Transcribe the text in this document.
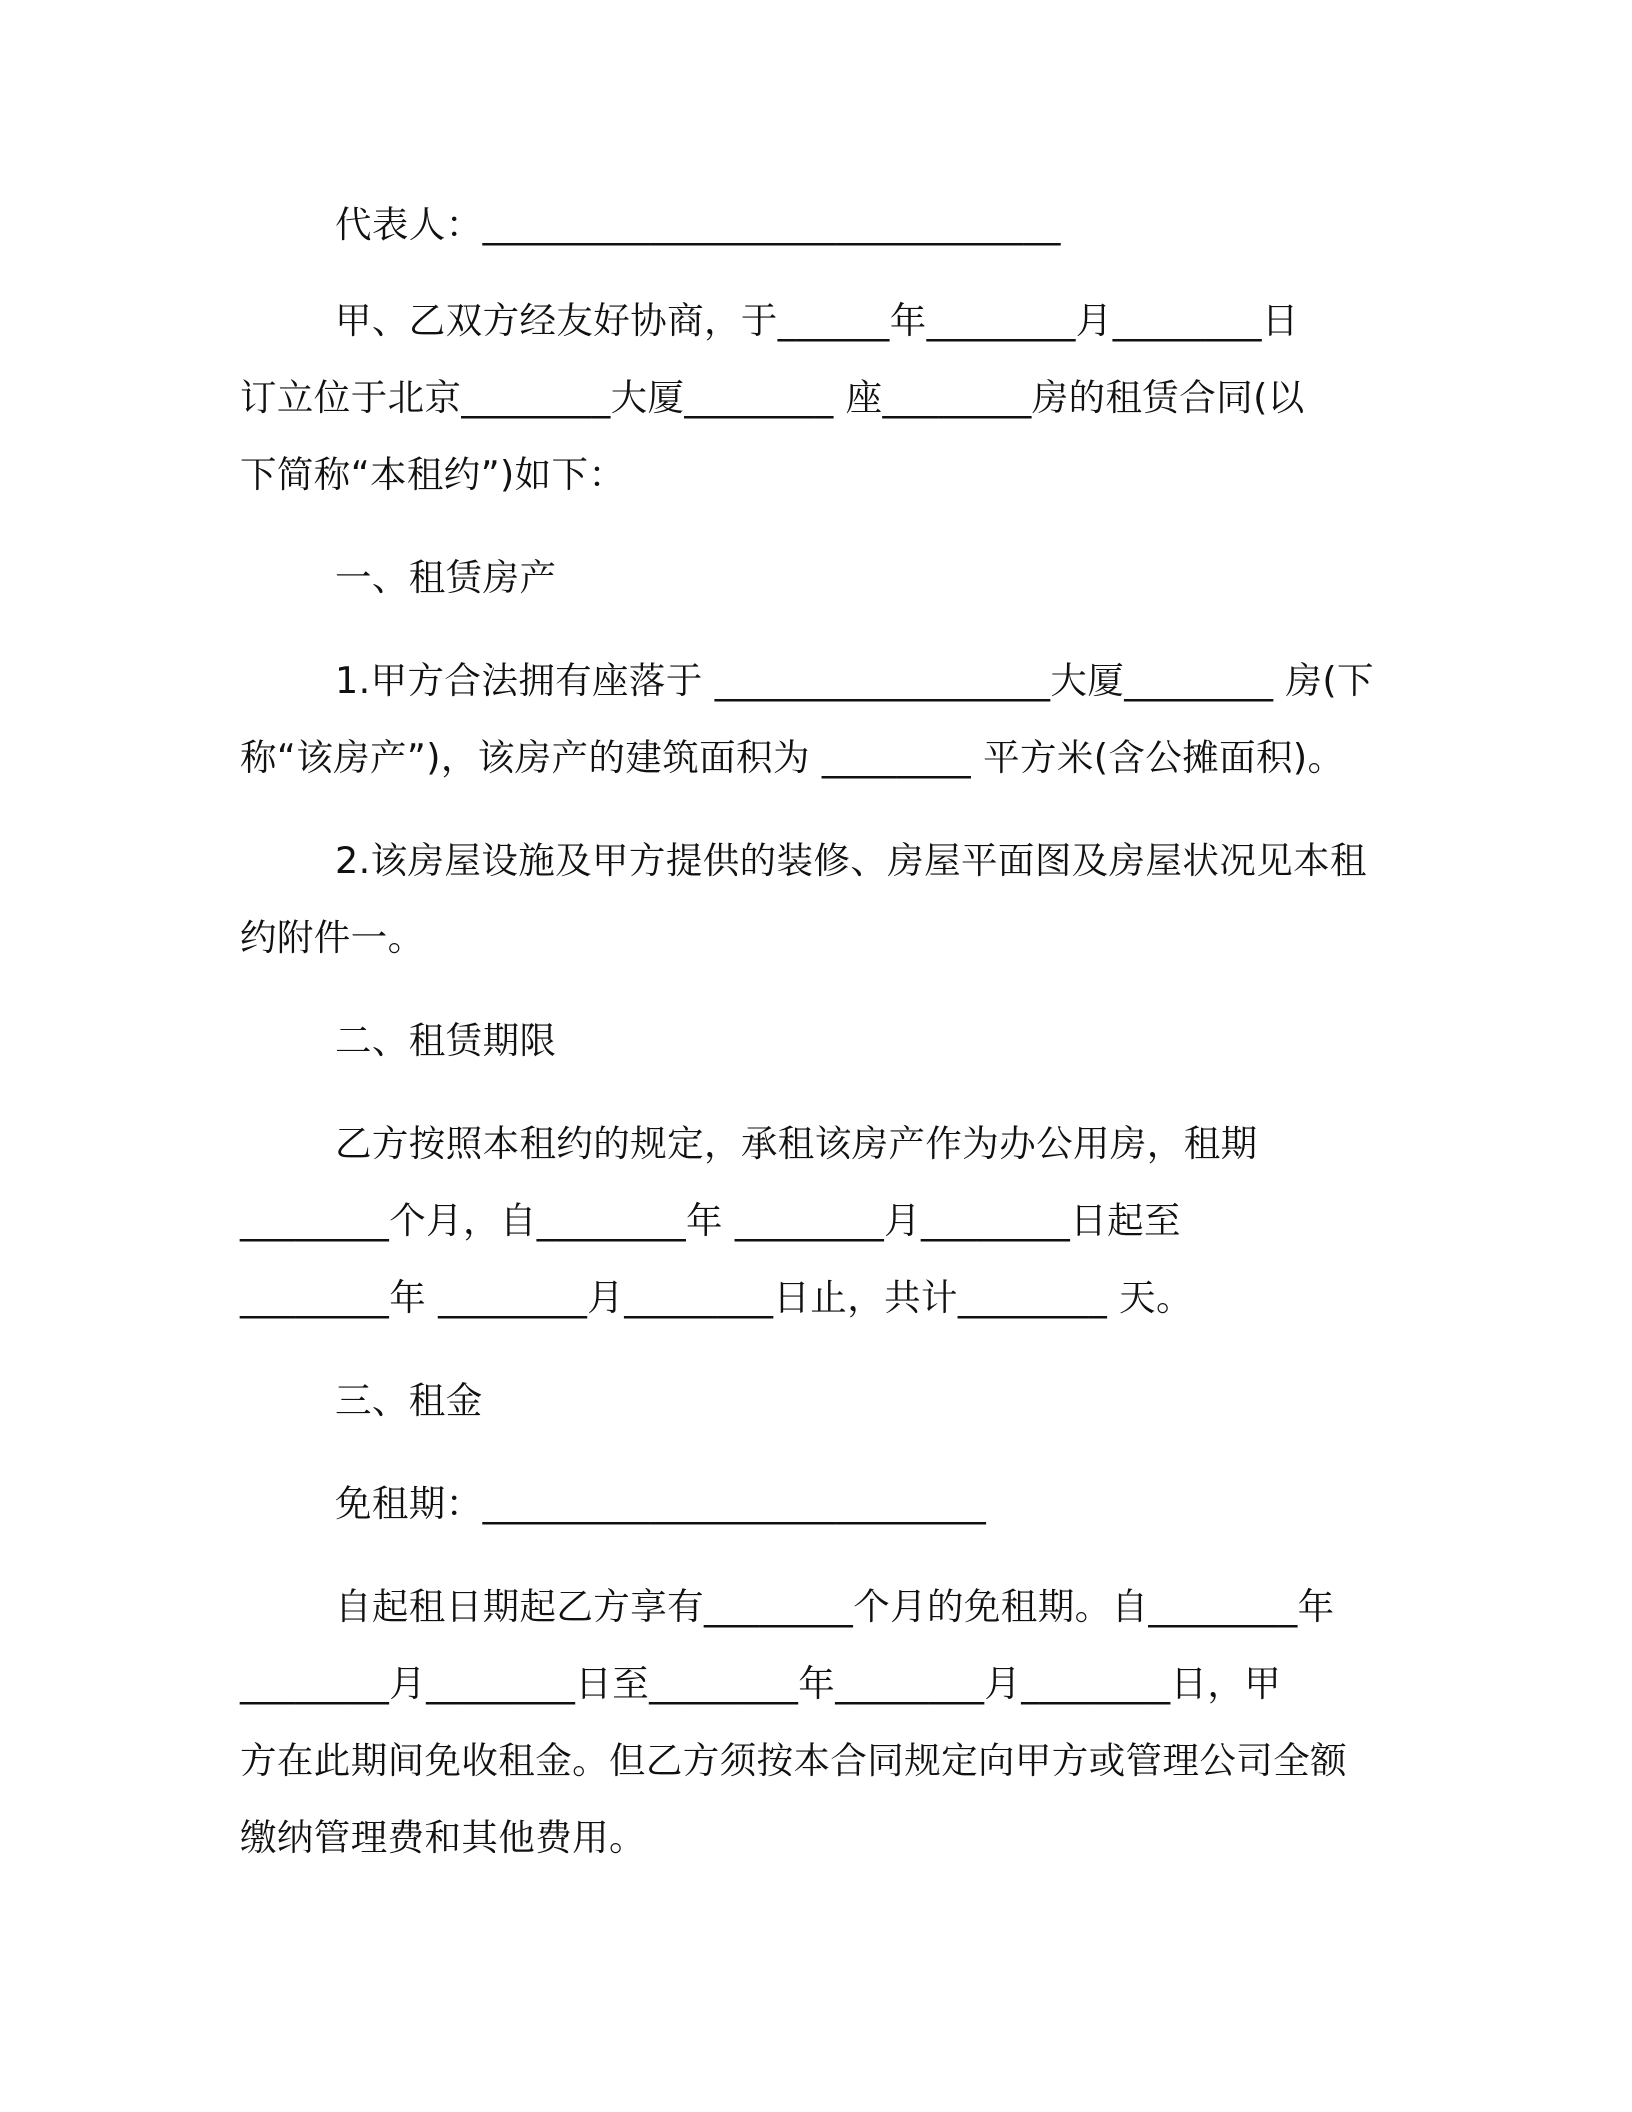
代表人：_______________________________
甲、乙双方经友好协商，于______年________月________日
订立位于北京________大厦________ 座________房的租赁合同(以
下简称“本租约”)如下：
一、租赁房产
1.甲方合法拥有座落于 __________________大厦________ 房(下
称“该房产”)，该房产的建筑面积为 ________ 平方米(含公摊面积)。
2.该房屋设施及甲方提供的装修、房屋平面图及房屋状况见本租
约附件一。
二、租赁期限
乙方按照本租约的规定，承租该房产作为办公用房，租期
________个月，自________年 ________月________日起至
________年 ________月________日止，共计________ 天。
三、租金
免租期：___________________________
自起租日期起乙方享有________个月的免租期。自________年
________月________日至________年________月________日，甲
方在此期间免收租金。但乙方须按本合同规定向甲方或管理公司全额
缴纳管理费和其他费用。
